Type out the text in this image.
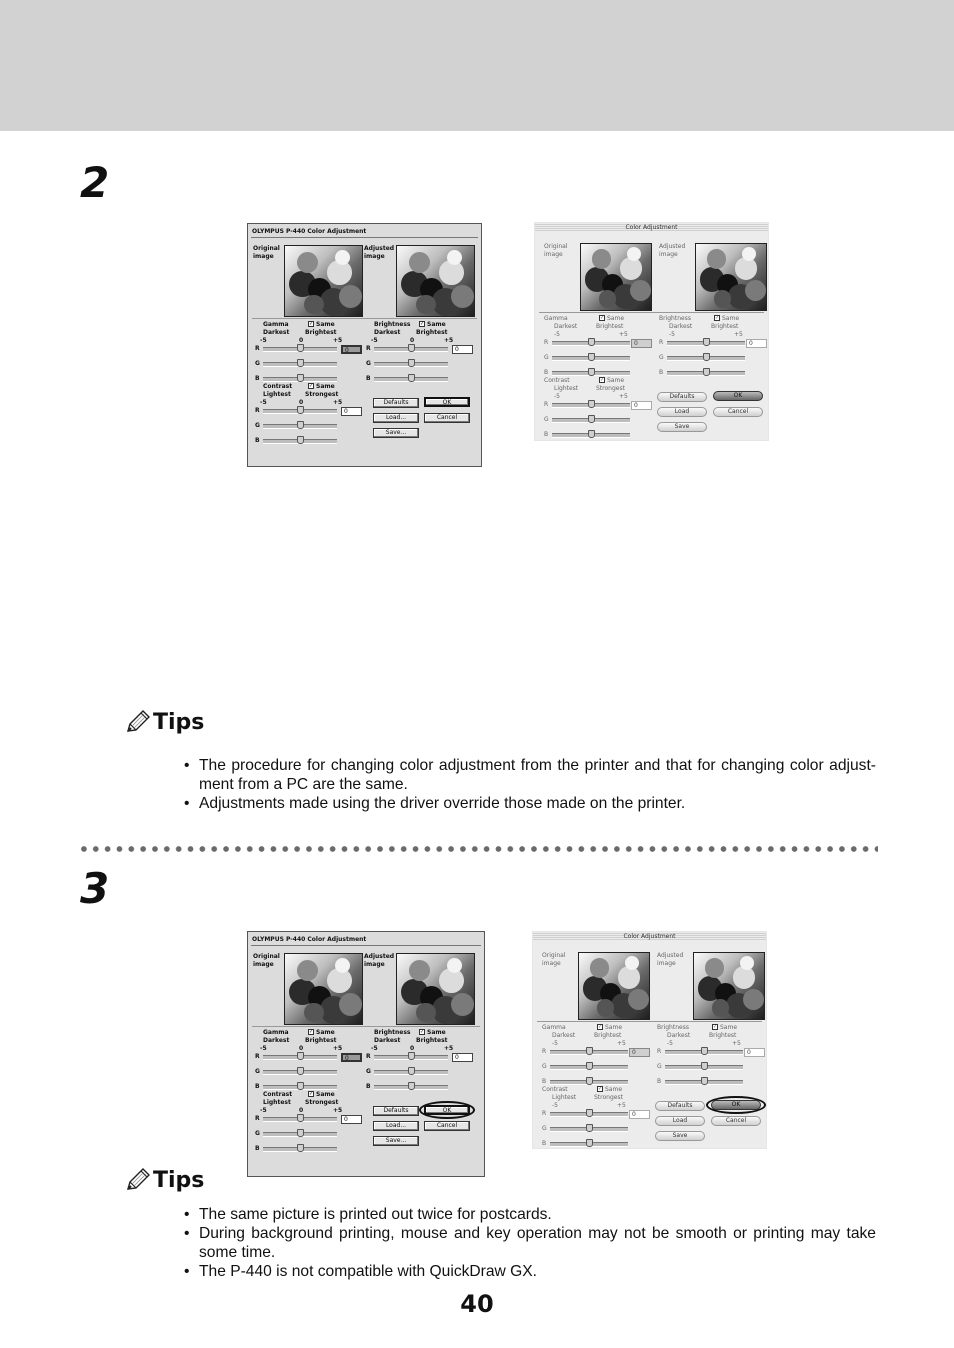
2
3
OLYMPUS P-440 Color Adjustment
Original
image
Adjusted
image
Gamma	✓ Same
Darkest	Brightest
-5	0	+5
R	0
G
B
Brightness ✓ Same
Darkest	Brightest
-5	0	+5
R	0
G
B
Contrast	✓ Same
Lightest Strongest
-5	0	+5
R	0
G
B
Defaults	OK
Load...	Cancel
Save...
Color Adjustment
Original
image
Adjusted
image
Gamma	✓ Same
Darkest	Brightest
-5	+5
R	0
G
B
Brightness	✓ Same
Darkest	Brightest
-5	+5
R	0
G
B
Contrast	✓ Same
Lightest	Strongest
-5	+5
R	0
G
B
Defaults	OK
Load	Cancel
Save
OLYMPUS P-440 Color Adjustment
Original
image
Adjusted
image
Gamma	✓ Same
Darkest	Brightest
-5	0	+5
R	0
G
B
Brightness ✓ Same
Darkest	Brightest
-5	0	+5
R	0
G
B
Contrast	✓ Same
Lightest Strongest
-5	0	+5
R	0
G
B
Defaults	OK
Load...	Cancel
Save...
Color Adjustment
Original
image
Adjusted
image
Gamma	✓ Same
Darkest	Brightest
-5	+5
R	0
G
B
Brightness	✓ Same
Darkest	Brightest
-5	+5
R	0
G
B
Contrast	✓ Same
Lightest	Strongest
-5	+5
R	0
G
B
Defaults	OK
Load	Cancel
Save
Tips
• The procedure for changing color adjustment from the printer and that for changing color adjust- ment from a PC are the same.
• Adjustments made using the driver override those made on the printer.
Tips
• The same picture is printed out twice for postcards.
• During background printing, mouse and key operation may not be smooth or printing may take some time.
• The P-440 is not compatible with QuickDraw GX.
40
